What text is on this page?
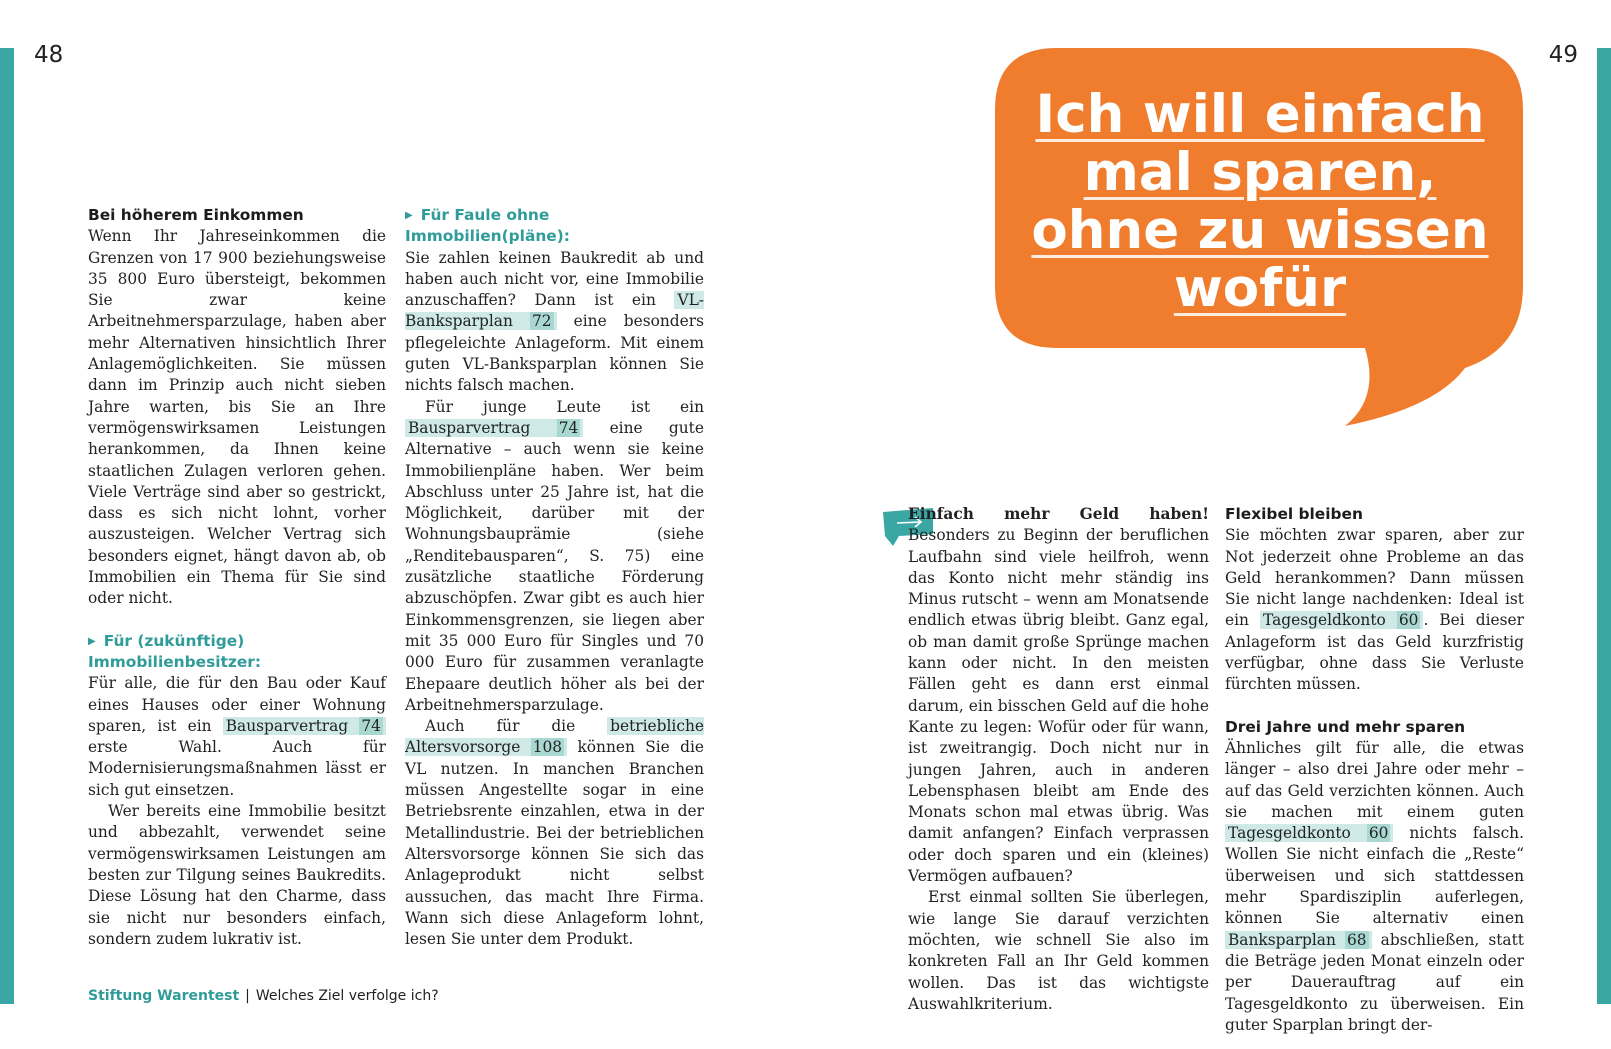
48	49
Ich will einfach
mal sparen,
ohne zu wissen
wofür
Bei höherem Einkommen

Wenn Ihr Jahreseinkommen die Grenzen von 17 900 beziehungsweise 35 800 Euro übersteigt, bekommen Sie zwar keine Arbeitnehmersparzulage, haben aber mehr Alternativen hinsichtlich Ihrer Anlagemöglichkeiten. Sie müssen dann im Prinzip auch nicht sieben Jahre warten, bis Sie an Ihre vermögenswirksamen Leistungen herankommen, da Ihnen keine staatlichen Zulagen verloren gehen. Viele Verträge sind aber so gestrickt, dass es sich nicht lohnt, vorher auszusteigen. Welcher Vertrag sich besonders eignet, hängt davon ab, ob Immobilien ein Thema für Sie sind oder nicht.

▶ Für (zukünftige) Immobilienbesitzer:

Für alle, die für den Bau oder Kauf eines Hauses oder einer Wohnung sparen, ist ein Bausparvertrag 74 erste Wahl. Auch für Modernisierungsmaßnahmen lässt er sich gut einsetzen.

Wer bereits eine Immobilie besitzt und abbezahlt, verwendet seine vermögenswirksamen Leistungen am besten zur Tilgung seines Baukredits. Diese Lösung hat den Charme, dass sie nicht nur besonders einfach, sondern zudem lukrativ ist.

▶ Für Faule ohne Immobilien(pläne):

Sie zahlen keinen Baukredit ab und haben auch nicht vor, eine Immobilie anzuschaffen? Dann ist ein VL-Banksparplan 72 eine besonders pflegeleichte Anlageform. Mit einem guten VL-Banksparplan können Sie nichts falsch machen.

Für junge Leute ist ein Bausparvertrag 74 eine gute Alternative – auch wenn sie keine Immobilienpläne haben. Wer beim Abschluss unter 25 Jahre ist, hat die Möglichkeit, darüber mit der Wohnungsbauprämie (siehe „Renditebausparen“, S. 75) eine zusätzliche staatliche Förderung abzuschöpfen. Zwar gibt es auch hier Einkommensgrenzen, sie liegen aber mit 35 000 Euro für Singles und 70 000 Euro für zusammen veranlagte Ehepaare deutlich höher als bei der Arbeitnehmersparzulage.

Auch für die betriebliche Altersvorsorge 108 können Sie die VL nutzen. In manchen Branchen müssen Angestellte sogar in eine Betriebsrente einzahlen, etwa in der Metallindustrie. Bei der betrieblichen Altersvorsorge können Sie sich das Anlageprodukt nicht selbst aussuchen, das macht Ihre Firma. Wann sich diese Anlageform lohnt, lesen Sie unter dem Produkt.

Einfach mehr Geld haben! Besonders zu Beginn der beruflichen Laufbahn sind viele heilfroh, wenn das Konto nicht mehr ständig ins Minus rutscht – wenn am Monatsende endlich etwas übrig bleibt. Ganz egal, ob man damit große Sprünge machen kann oder nicht. In den meisten Fällen geht es dann erst einmal darum, ein bisschen Geld auf die hohe Kante zu legen: Wofür oder für wann, ist zweitrangig. Doch nicht nur in jungen Jahren, auch in anderen Lebensphasen bleibt am Ende des Monats schon mal etwas übrig. Was damit anfangen? Einfach verprassen oder doch sparen und ein (kleines) Vermögen aufbauen?

Erst einmal sollten Sie überlegen, wie lange Sie darauf verzichten möchten, wie schnell Sie also im konkreten Fall an Ihr Geld kommen wollen. Das ist das wichtigste Auswahlkriterium.

Flexibel bleiben

Sie möchten zwar sparen, aber zur Not jederzeit ohne Probleme an das Geld herankommen? Dann müssen Sie nicht lange nachdenken: Ideal ist ein Tagesgeldkonto 60 . Bei dieser Anlageform ist das Geld kurzfristig verfügbar, ohne dass Sie Verluste fürchten müssen.

Drei Jahre und mehr sparen

Ähnliches gilt für alle, die etwas länger – also drei Jahre oder mehr – auf das Geld verzichten können. Auch sie machen mit einem guten Tagesgeldkonto 60 nichts falsch. Wollen Sie nicht einfach die „Reste“ überweisen und sich stattdessen mehr Spardisziplin auferlegen, können Sie alternativ einen Banksparplan 68 abschließen, statt die Beträge jeden Monat einzeln oder per Dauerauftrag auf ein Tagesgeldkonto zu überweisen. Ein guter Sparplan bringt der-

Stiftung Warentest | Welches Ziel verfolge ich?
